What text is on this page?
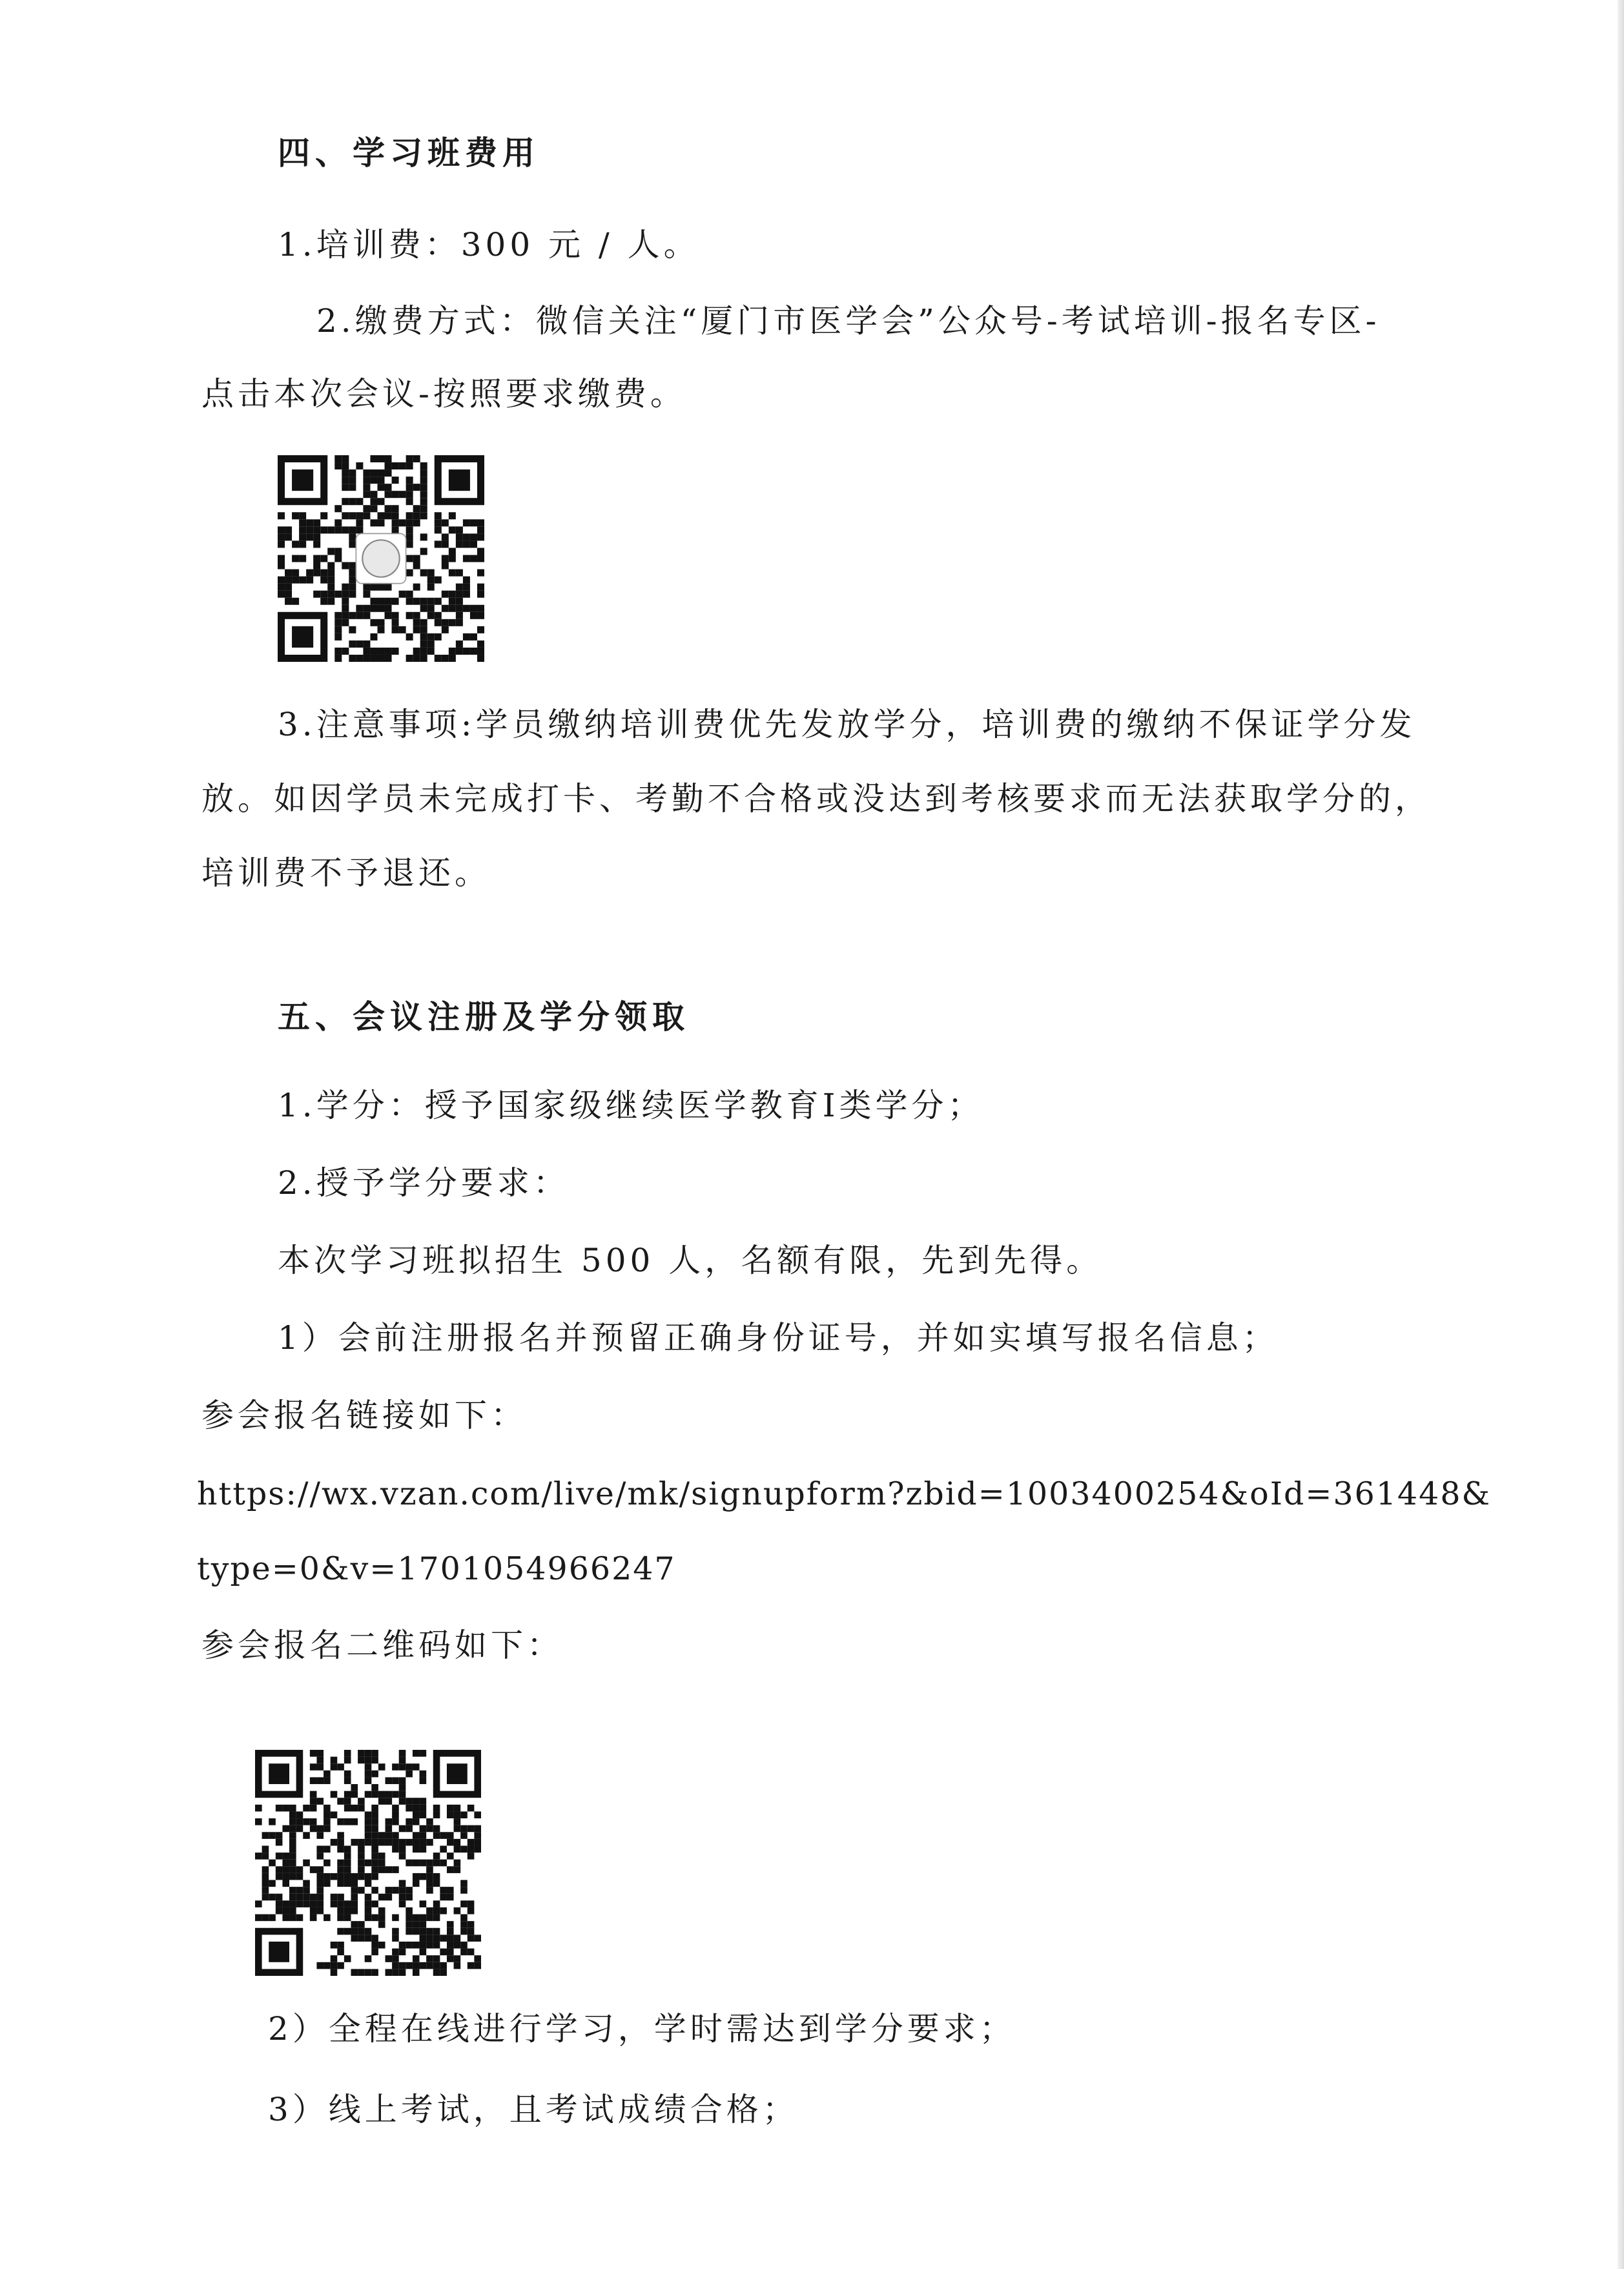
四、学习班费用

1.培训费：300 元 / 人。

2.缴费方式：微信关注“厦门市医学会”公众号-考试培训-报名专区-

点击本次会议-按照要求缴费。

3.注意事项:学员缴纳培训费优先发放学分，培训费的缴纳不保证学分发

放。如因学员未完成打卡、考勤不合格或没达到考核要求而无法获取学分的，

培训费不予退还。

五、会议注册及学分领取

1.学分：授予国家级继续医学教育Ⅰ类学分；

2.授予学分要求：

本次学习班拟招生 500 人，名额有限，先到先得。

1）会前注册报名并预留正确身份证号，并如实填写报名信息；

参会报名链接如下：

https://wx.vzan.com/live/mk/signupform?zbid=1003400254&oId=361448&

type=0&v=1701054966247

参会报名二维码如下：

2）全程在线进行学习，学时需达到学分要求；

3）线上考试，且考试成绩合格；
